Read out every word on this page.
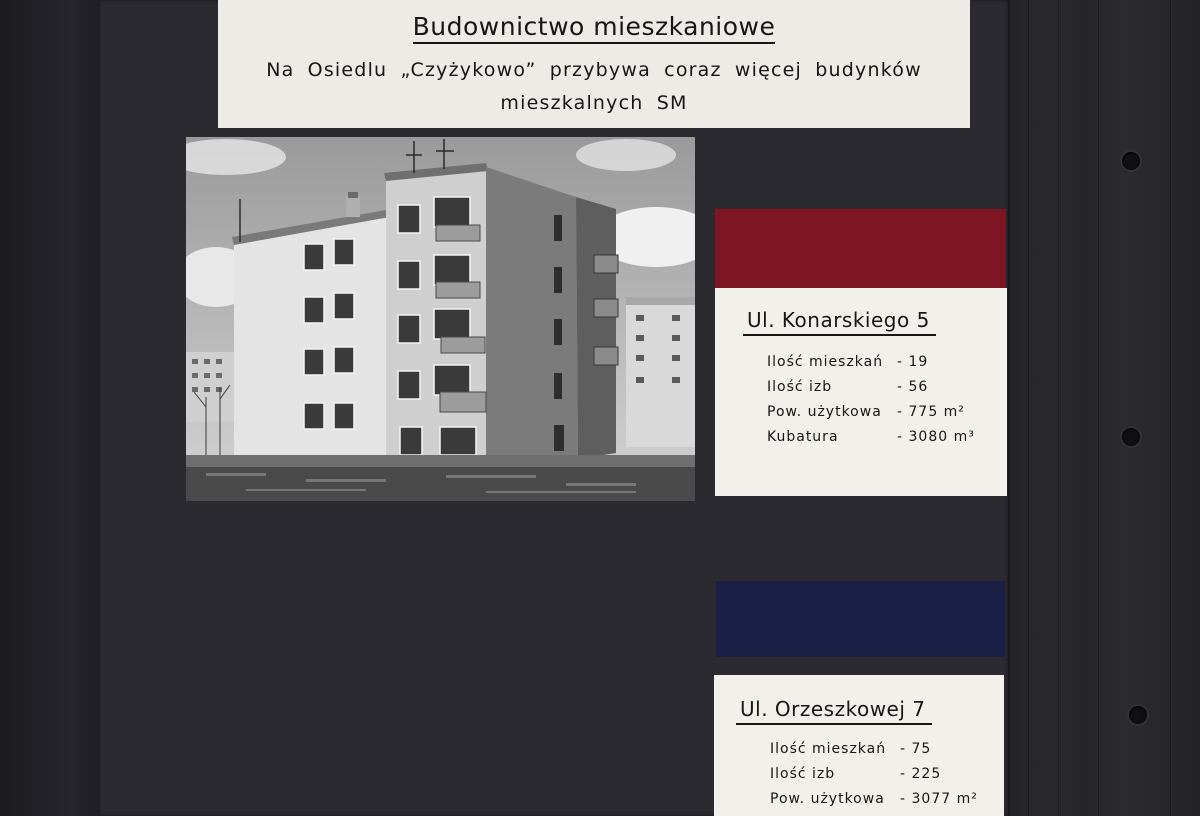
Budownictwo mieszkaniowe
Na Osiedlu „Czyżykowo” przybywa coraz więcej budynków
mieszkalnych SM
Ul. Konarskiego 5
Ilość mieszkań - 19
Ilość izb	- 56
Pow. użytkowa	- 775 m²
Kubatura	- 3080 m³
Ul. Orzeszkowej 7
Ilość mieszkań - 75
Ilość izb	- 225
Pow. użytkowa	- 3077 m²
